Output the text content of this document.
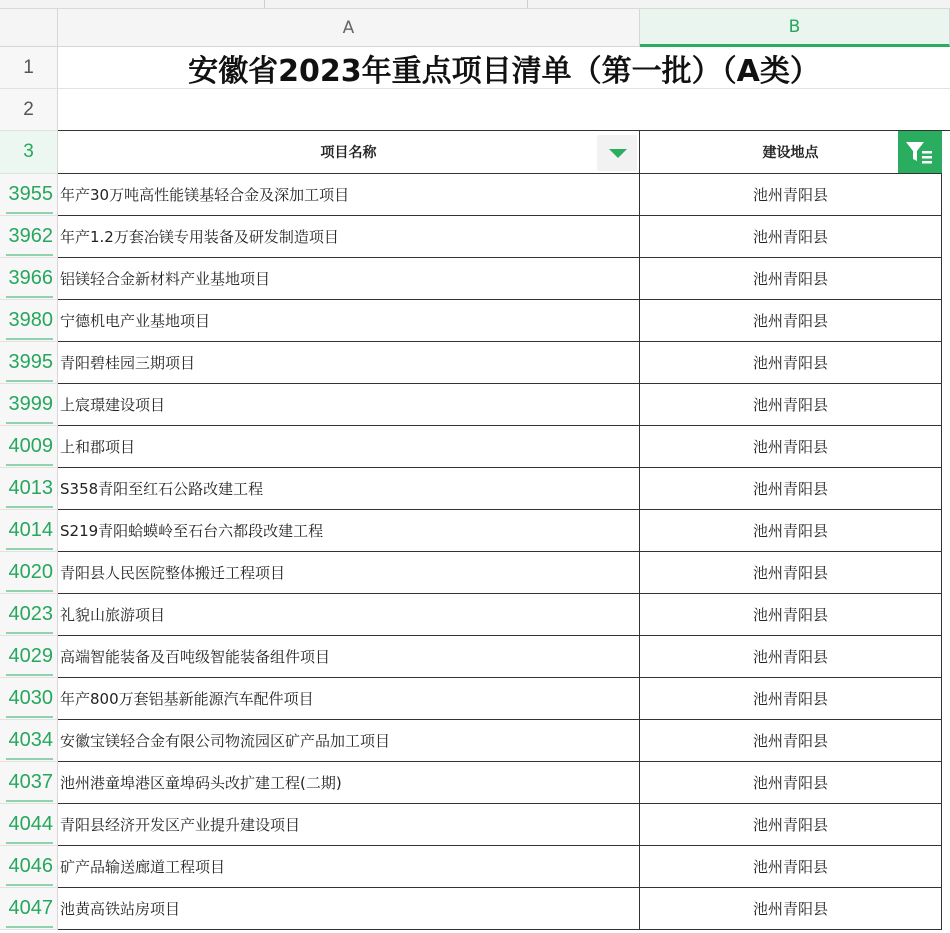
A	B
1
2
3
安徽省2023年重点项目清单（第一批）（A类）
项目名称	建设地点
3955 年产30万吨高性能镁基轻合金及深加工项目	池州青阳县
3962 年产1.2万套冶镁专用装备及研发制造项目	池州青阳县
3966 铝镁轻合金新材料产业基地项目	池州青阳县
3980 宁德机电产业基地项目	池州青阳县
3995 青阳碧桂园三期项目	池州青阳县
3999 上宸璟建设项目	池州青阳县
4009 上和郡项目	池州青阳县
4013 S358青阳至红石公路改建工程	池州青阳县
4014 S219青阳蛤蟆岭至石台六都段改建工程	池州青阳县
4020 青阳县人民医院整体搬迁工程项目	池州青阳县
4023 礼貌山旅游项目	池州青阳县
4029 高端智能装备及百吨级智能装备组件项目	池州青阳县
4030 年产800万套铝基新能源汽车配件项目	池州青阳县
4034 安徽宝镁轻合金有限公司物流园区矿产品加工项目	池州青阳县
4037 池州港童埠港区童埠码头改扩建工程(二期)	池州青阳县
4044 青阳县经济开发区产业提升建设项目	池州青阳县
4046 矿产品输送廊道工程项目	池州青阳县
4047 池黄高铁站房项目	池州青阳县
